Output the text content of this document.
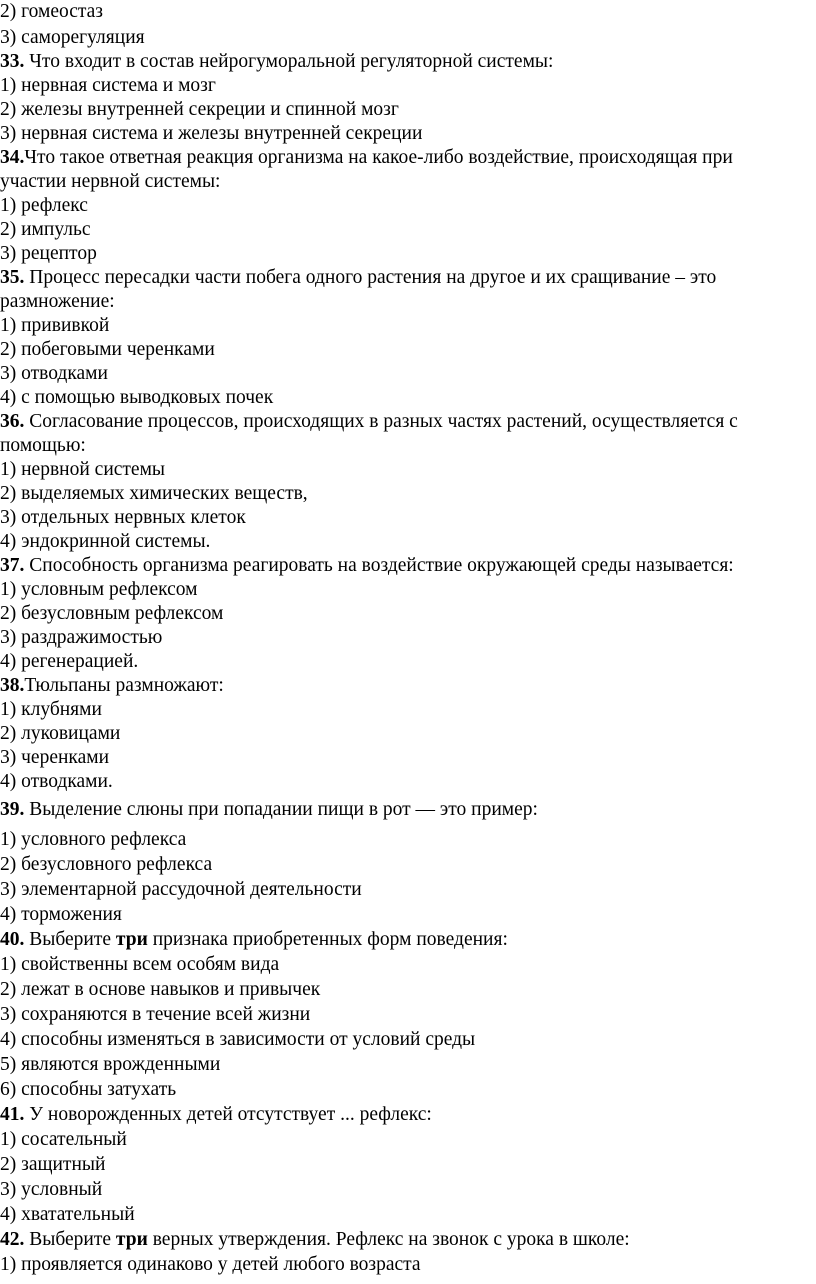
2) гомеостаз
3) саморегуляция
33. Что входит в состав нейрогуморальной регуляторной системы:
1) нервная система и мозг
2) железы внутренней секреции и спинной мозг
3) нервная система и железы внутренней секреции
34.Что такое ответная реакция организма на какое-либо воздействие, происходящая при
участии нервной системы:
1) рефлекс
2) импульс
3) рецептор
35. Процесс пересадки части побега одного растения на другое и их сращивание – это
размножение:
1) прививкой
2) побеговыми черенками
3) отводками
4) с помощью выводковых почек
36. Согласование процессов, происходящих в разных частях растений, осуществляется с
помощью:
1) нервной системы
2) выделяемых химических веществ,
3) отдельных нервных клеток
4) эндокринной системы.
37. Способность организма реагировать на воздействие окружающей среды называется:
1) условным рефлексом
2) безусловным рефлексом
3) раздражимостью
4) регенерацией.
38.Тюльпаны размножают:
1) клубнями
2) луковицами
3) черенками
4) отводками.
39. Выделение слюны при попадании пищи в рот — это пример:
1) условного рефлекса
2) безусловного рефлекса
3) элементарной рассудочной деятельности
4) торможения
40. Выберите три признака приобретенных форм поведения:
1) свойственны всем особям вида
2) лежат в основе навыков и привычек
3) сохраняются в течение всей жизни
4) способны изменяться в зависимости от условий среды
5) являются врожденными
6) способны затухать
41. У новорожденных детей отсутствует ... рефлекс:
1) сосательный
2) защитный
3) условный
4) хватательный
42. Выберите три верных утверждения. Рефлекс на звонок с урока в школе:
1) проявляется одинаково у детей любого возраста
